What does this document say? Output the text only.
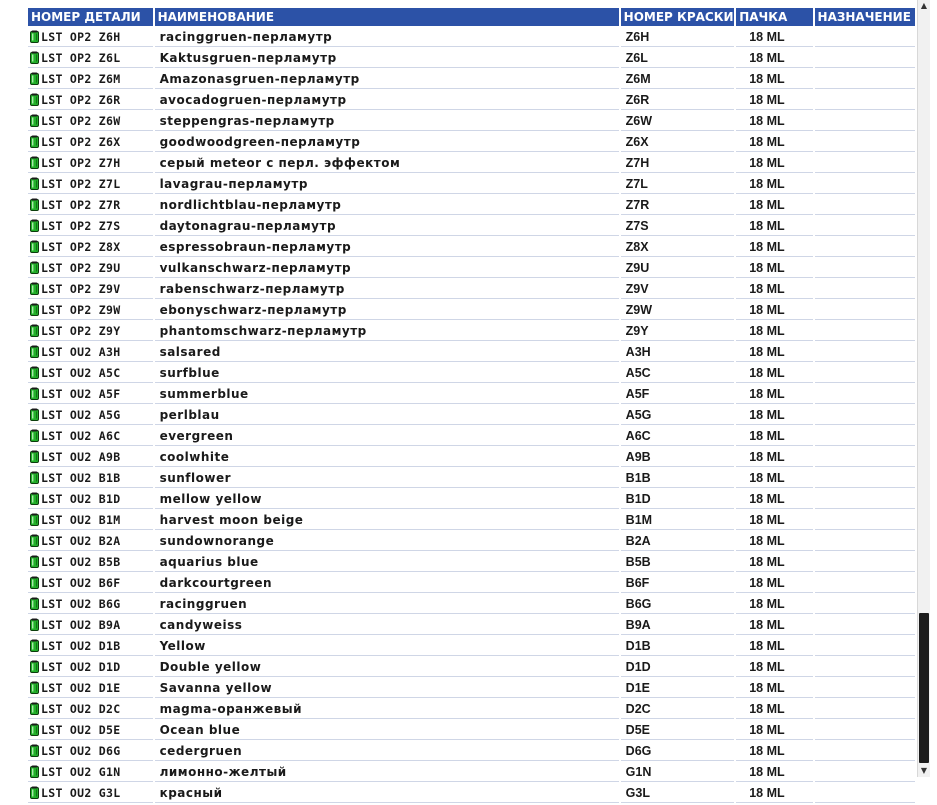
НОМЕР ДЕТАЛИ	НАИМЕНОВАНИЕ	НОМЕР КРАСКИ	ПАЧКА	НАЗНАЧЕНИЕ

LST OP2 Z6H	racinggruen-перламутр	Z6H	18 ML	

LST OP2 Z6L	Kaktusgruen-перламутр	Z6L	18 ML	

LST OP2 Z6M	Amazonasgruen-перламутр	Z6M	18 ML	

LST OP2 Z6R	avocadogruen-перламутр	Z6R	18 ML	

LST OP2 Z6W	steppengras-перламутр	Z6W	18 ML	

LST OP2 Z6X	goodwoodgreen-перламутр	Z6X	18 ML	

LST OP2 Z7H	серый meteor с перл. эффектом	Z7H	18 ML	

LST OP2 Z7L	lavagrau-перламутр	Z7L	18 ML	

LST OP2 Z7R	nordlichtblau-перламутр	Z7R	18 ML	

LST OP2 Z7S	daytonagrau-перламутр	Z7S	18 ML	

LST OP2 Z8X	espressobraun-перламутр	Z8X	18 ML	

LST OP2 Z9U	vulkanschwarz-перламутр	Z9U	18 ML	

LST OP2 Z9V	rabenschwarz-перламутр	Z9V	18 ML	

LST OP2 Z9W	ebonyschwarz-перламутр	Z9W	18 ML	

LST OP2 Z9Y	phantomschwarz-перламутр	Z9Y	18 ML	

LST OU2 A3H	salsared	A3H	18 ML	

LST OU2 A5C	surfblue	A5C	18 ML	

LST OU2 A5F	summerblue	A5F	18 ML	

LST OU2 A5G	perlblau	A5G	18 ML	

LST OU2 A6C	evergreen	A6C	18 ML	

LST OU2 A9B	coolwhite	A9B	18 ML	

LST OU2 B1B	sunflower	B1B	18 ML	

LST OU2 B1D	mellow yellow	B1D	18 ML	

LST OU2 B1M	harvest moon beige	B1M	18 ML	

LST OU2 B2A	sundownorange	B2A	18 ML	

LST OU2 B5B	aquarius blue	B5B	18 ML	

LST OU2 B6F	darkcourtgreen	B6F	18 ML	

LST OU2 B6G	racinggruen	B6G	18 ML	

LST OU2 B9A	candyweiss	B9A	18 ML	

LST OU2 D1B	Yellow	D1B	18 ML	

LST OU2 D1D	Double yellow	D1D	18 ML	

LST OU2 D1E	Savanna yellow	D1E	18 ML	

LST OU2 D2C	magma-оранжевый	D2C	18 ML	

LST OU2 D5E	Ocean blue	D5E	18 ML	

LST OU2 D6G	cedergruen	D6G	18 ML	

LST OU2 G1N	лимонно-желтый	G1N	18 ML	

LST OU2 G3L	красный	G3L	18 ML	
▲
▼
